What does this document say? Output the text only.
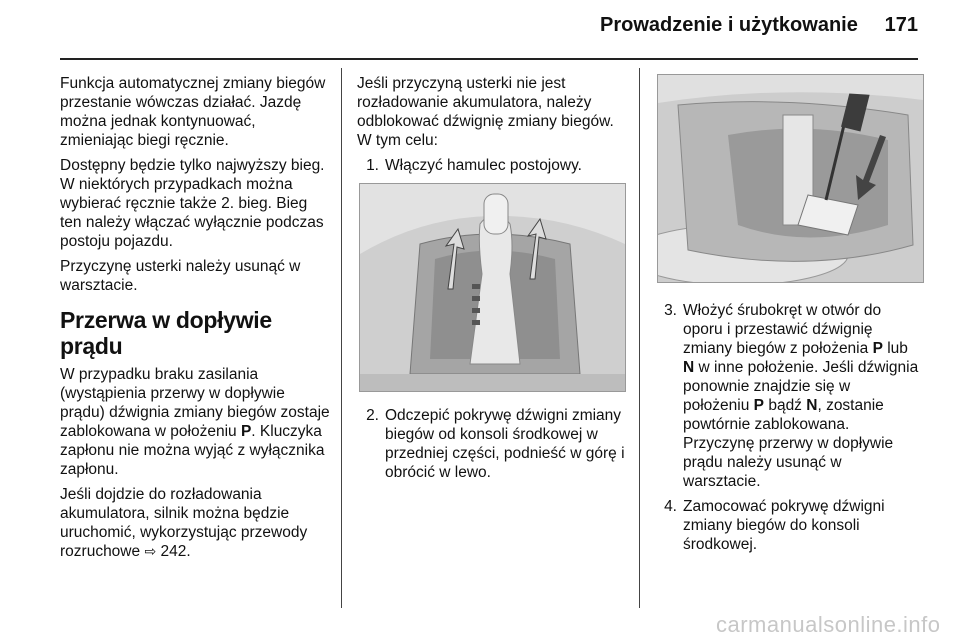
Prowadzenie i użytkowanie 171

Funkcja automatycznej zmiany biegów przestanie wówczas działać. Jazdę można jednak kontynuować, zmieniając biegi ręcznie.

Dostępny będzie tylko najwyższy bieg. W niektórych przypadkach można wybierać ręcznie także 2. bieg. Bieg ten należy włączać wyłącznie podczas postoju pojazdu.

Przyczynę usterki należy usunąć w warsztacie.

Przerwa w dopływie prądu

W przypadku braku zasilania (wystąpienia przerwy w dopływie prądu) dźwignia zmiany biegów zostaje zablokowana w położeniu P. Kluczyka zapłonu nie można wyjąć z wyłącznika zapłonu.

Jeśli dojdzie do rozładowania akumulatora, silnik można będzie uruchomić, wykorzystując przewody rozruchowe ⇨ 242.

Jeśli przyczyną usterki nie jest rozładowanie akumulatora, należy odblokować dźwignię zmiany biegów. W tym celu:

1. Włączyć hamulec postojowy.
2. Odczepić pokrywę dźwigni zmiany biegów od konsoli środkowej w przedniej części, podnieść w górę i obrócić w lewo.
3. Włożyć śrubokręt w otwór do oporu i przestawić dźwignię zmiany biegów z położenia P lub N w inne położenie. Jeśli dźwignia ponownie znajdzie się w położeniu P bądź N, zostanie powtórnie zablokowana. Przyczynę przerwy w dopływie prądu należy usunąć w warsztacie.
4. Zamocować pokrywę dźwigni zmiany biegów do konsoli środkowej.
carmanualsonline.info
